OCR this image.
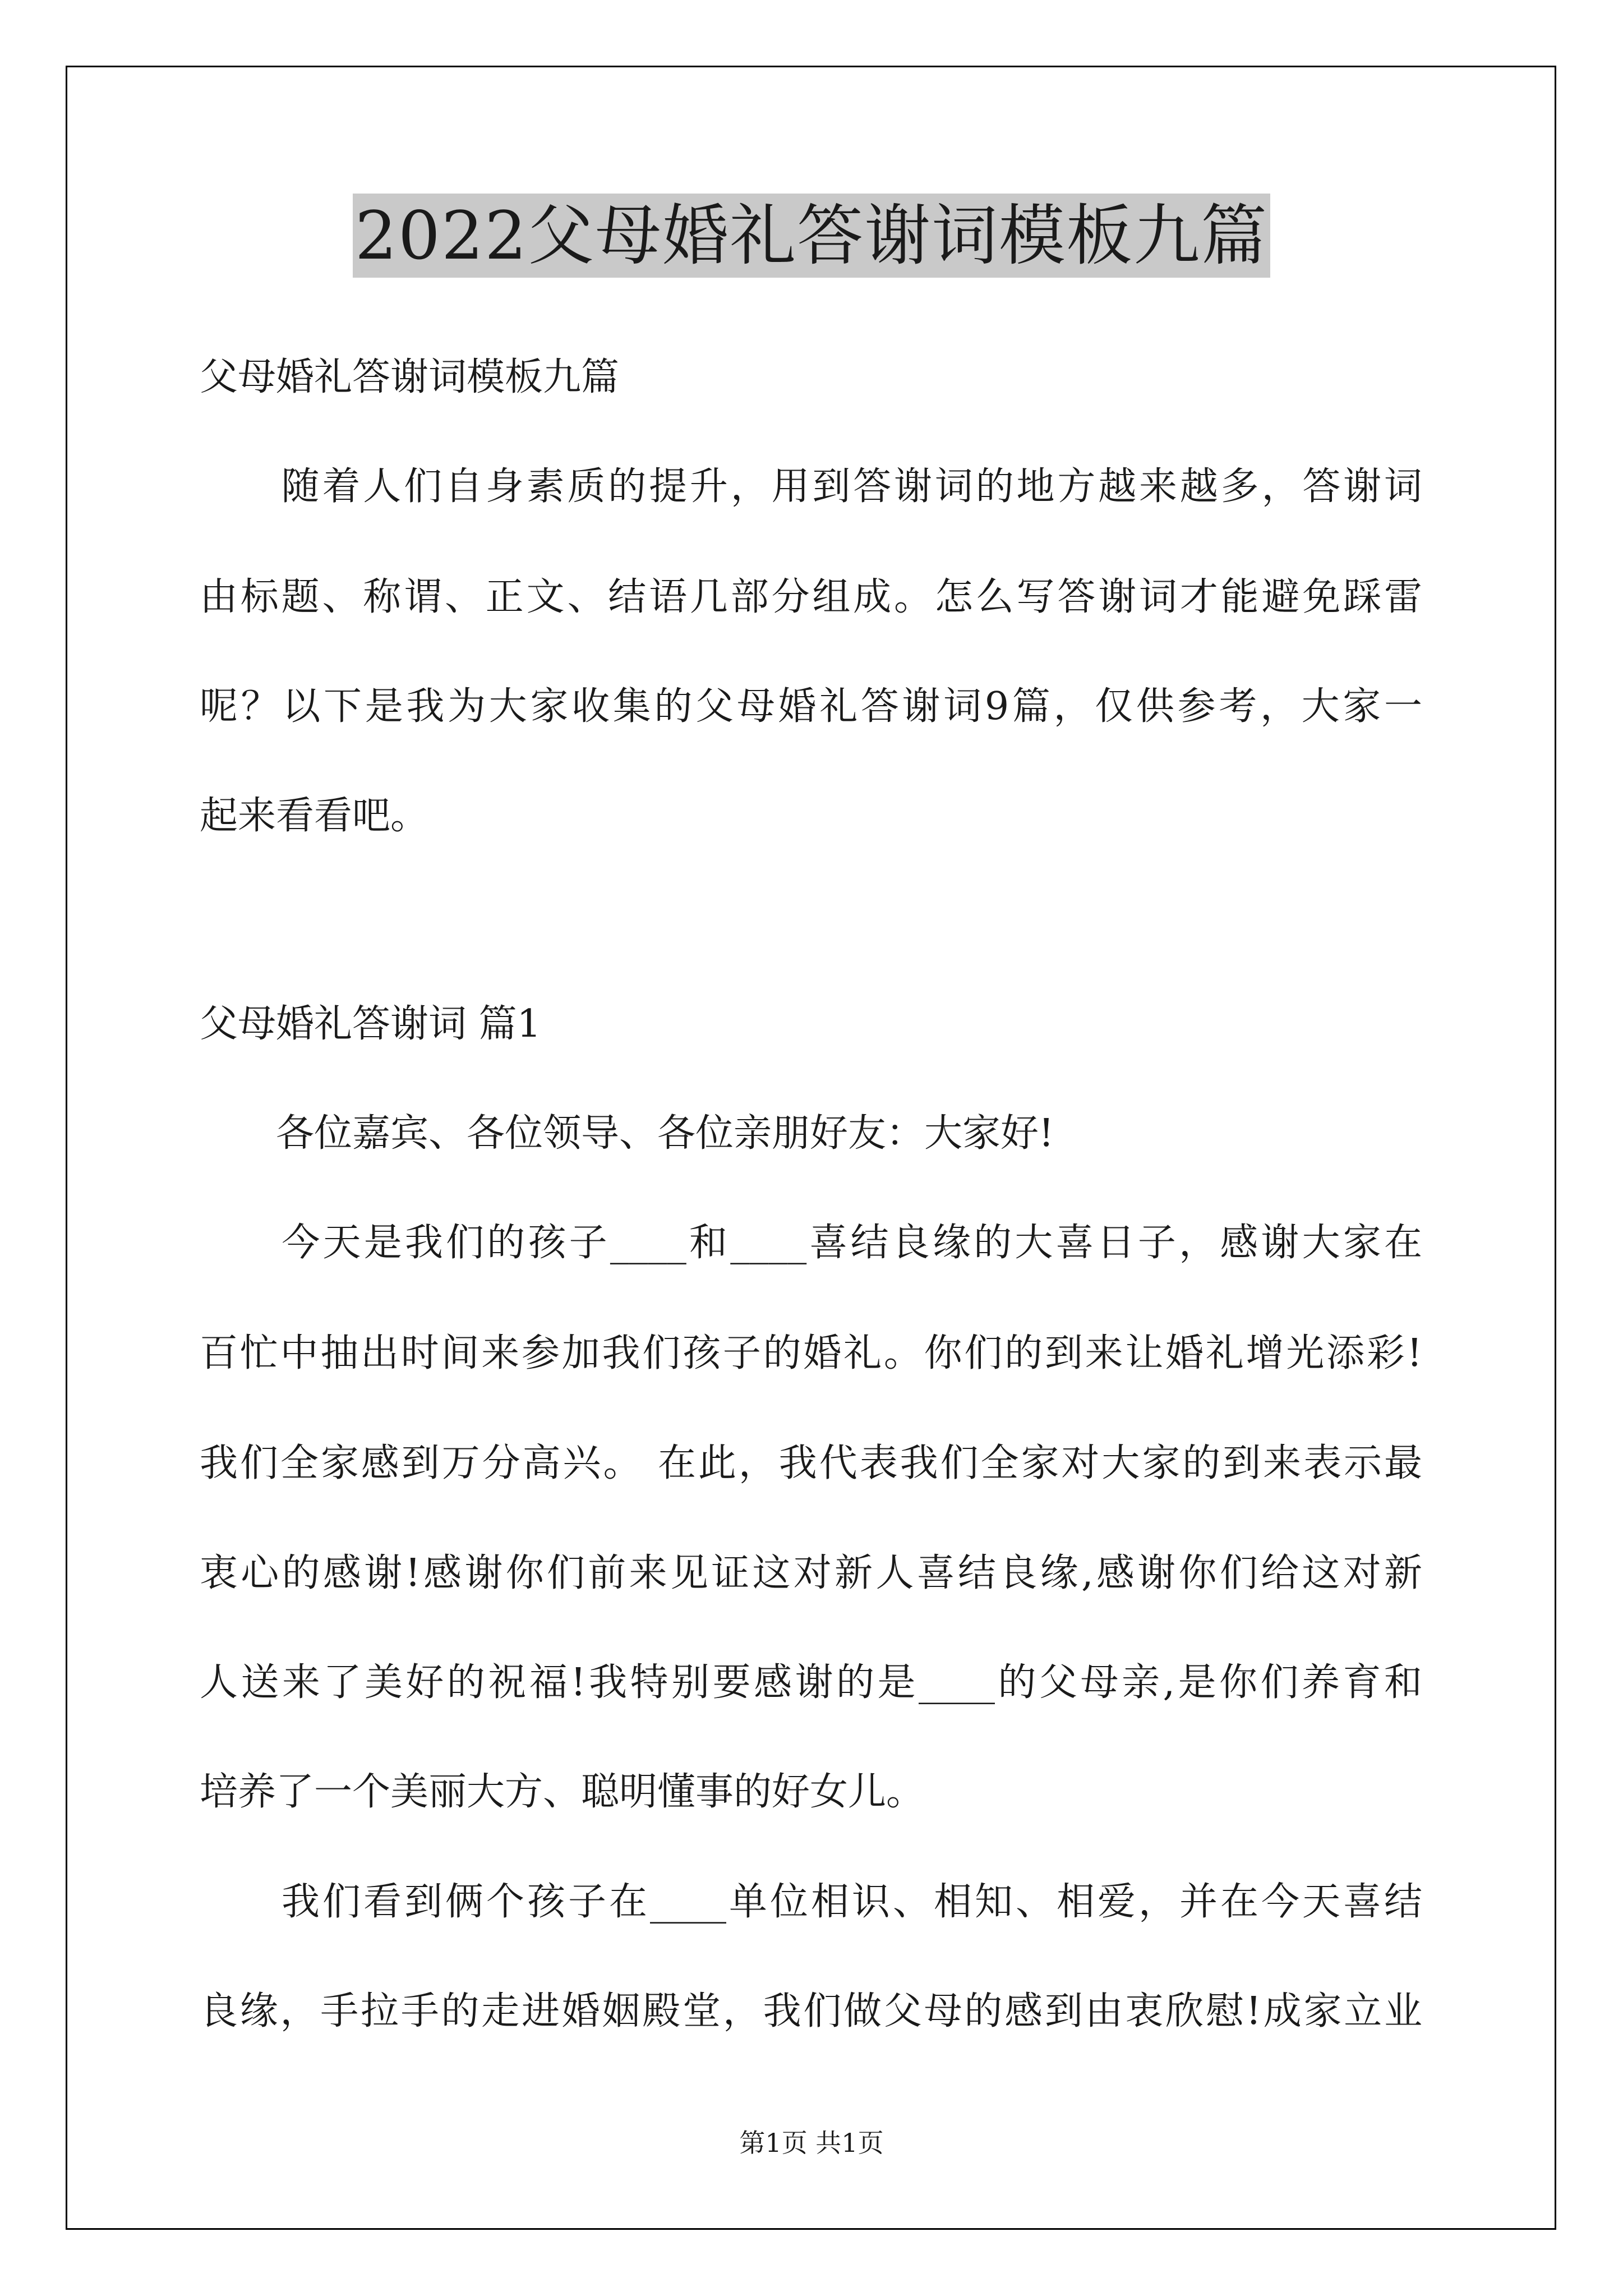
2022父母婚礼答谢词模板九篇
父母婚礼答谢词模板九篇
　　随着人们自身素质的提升，用到答谢词的地方越来越多，答谢词
由标题、称谓、正文、结语几部分组成。怎么写答谢词才能避免踩雷
呢？以下是我为大家收集的父母婚礼答谢词9篇，仅供参考，大家一
起来看看吧。
父母婚礼答谢词 篇1
　　各位嘉宾、各位领导、各位亲朋好友：大家好!
　　今天是我们的孩子____和____喜结良缘的大喜日子，感谢大家在
百忙中抽出时间来参加我们孩子的婚礼。你们的到来让婚礼增光添彩!
我们全家感到万分高兴。 在此，我代表我们全家对大家的到来表示最
衷心的感谢!感谢你们前来见证这对新人喜结良缘,感谢你们给这对新
人送来了美好的祝福!我特别要感谢的是____的父母亲,是你们养育和
培养了一个美丽大方、聪明懂事的好女儿。
　　我们看到俩个孩子在____单位相识、相知、相爱，并在今天喜结
良缘，手拉手的走进婚姻殿堂，我们做父母的感到由衷欣慰!成家立业
第1页 共1页
